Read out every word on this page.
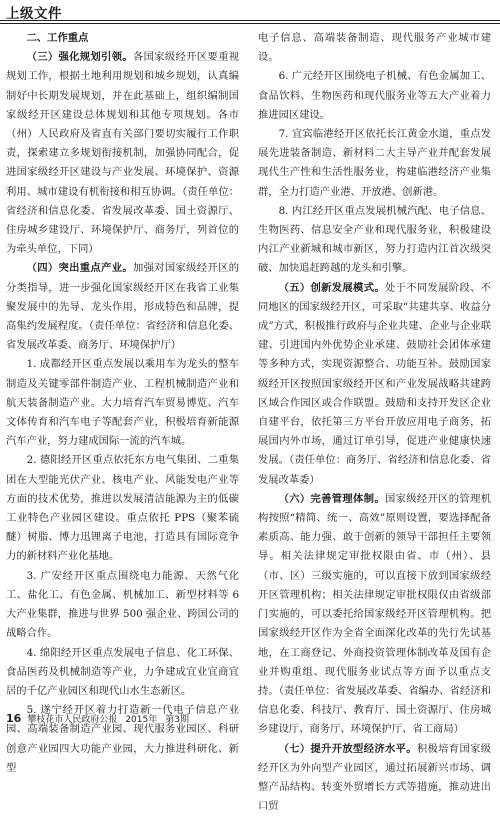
上级文件

二、工作重点

（三）强化规划引领。各国家级经开区要重视规划工作，根据土地利用规划和城乡规划，认真编制好中长期发展规划，并在此基础上，组织编制国家级经开区建设总体规划和其他专项规划。各市（州）人民政府及省直有关部门要切实履行工作职责，探索建立多规划衔接机制，加强协同配合，促进国家级经开区建设与产业发展、环境保护、资源利用、城市建设有机衔接和相互协调。（责任单位：省经济和信息化委、省发展改革委、国土资源厅、住房城乡建设厅、环境保护厅、商务厅，列首位的为牵头单位，下同）

（四）突出重点产业。加强对国家级经开区的分类指导，进一步强化国家级经开区在我省工业集聚发展中的先导、龙头作用，形成特色和品牌，提高集约发展程度。（责任单位：省经济和信息化委、省发展改革委、商务厅、环境保护厅）

1. 成都经开区重点发展以乘用车为龙头的整车制造及关键零部件制造产业、工程机械制造产业和航天装备制造产业。大力培育汽车贸易博览、汽车文体传育和汽车电子等配套产业，积极培育新能源汽车产业，努力建成国际一流的汽车城。

2. 德阳经开区重点依托东方电气集团、二重集团在大型能光伏产业、核电产业、风能发电产业等方面的技术优势，推进以发展清洁能源为主的低碳工业特色产业园区建设。重点依托 PPS（聚苯硫醚）树脂、博力迅锂离子电池，打造具有国际竞争力的新材料产业化基地。

3. 广安经开区重点围绕电力能源、天然气化工、盐化工、有色金属、机械加工、新型材料等 6 大产业集群，推进与世界 500 强企业、跨国公司的战略合作。

4. 绵阳经开区重点发展电子信息、化工环保、食品医药及机械制造等产业，力争建成宜业宜商宜居的千亿产业园区和现代山水生态新区。

5. 遂宁经开区着力打造新一代电子信息产业园、高端装备制造产业园、现代服务业园区、科研创意产业园四大功能产业园，大力推进科研化、新型

电子信息、高端装备制造、现代服务产业城市建设。

6. 广元经开区围绕电子机械、有色金属加工、食品饮料、生物医药和现代服务业等五大产业着力推进园区建设。

7. 宜宾临港经开区依托长江黄金水道，重点发展先进装备制造、新材料二大主导产业并配套发展现代生产性和生活性服务业，构建临港经济产业集群，全力打造产业港、开放港、创新港。

8. 内江经开区重点发展机械汽配、电子信息、生物医药、信息安全产业和现代服务业，积极建设内江产业新城和城市新区，努力打造内江首次级突破、加快追赶跨越的龙头和引擎。

（五）创新发展模式。处于不同发展阶段、不同地区的国家级经开区，可采取“共建共享、收益分成”方式，积极推行政府与企业共建、企业与企业联建、引进国内外优势企业承建、鼓励社会团体承建等多种方式，实现资源整合、功能互补。鼓励国家级经开区按照国家级经开区和产业发展战略共建跨区域合作园区或合作联盟。鼓励和支持开发区企业自建平台，依托第三方平台开放应用电子商务，拓展国内外市场，通过订单引导，促进产业健康快速发展。（责任单位：商务厅、省经济和信息化委、省发展改革委）

（六）完善管理体制。国家级经开区的管理机构按照“精简、统一、高效”原则设置，要选择配备素质高、能力强、敢于创新的领导干部担任主要领导。相关法律规定审批权限由省、市（州）、县（市、区）三级实施的，可以直接下放到国家级经开区管理机构；相关法律规定审批权限仅由省级部门实施的，可以委托给国家级经开区管理机构。把国家级经开区作为全省全面深化改革的先行先试基地，在工商登记、外商投资管理体制改革及国有企业并购重组、现代服务业试点等方面予以重点支持。（责任单位：省发展改革委、省编办、省经济和信息化委、科技厅、教育厅、国土资源厅、住房城乡建设厅、商务厅、环境保护厅、省工商局）

（七）提升开放型经济水平。积极培育国家级经开区为外向型产业园区，通过拓展新兴市场、调整产品结构、转变外贸增长方式等措施，推动进出口贸

16 攀枝花市人民政府公报 2015年 第3期
